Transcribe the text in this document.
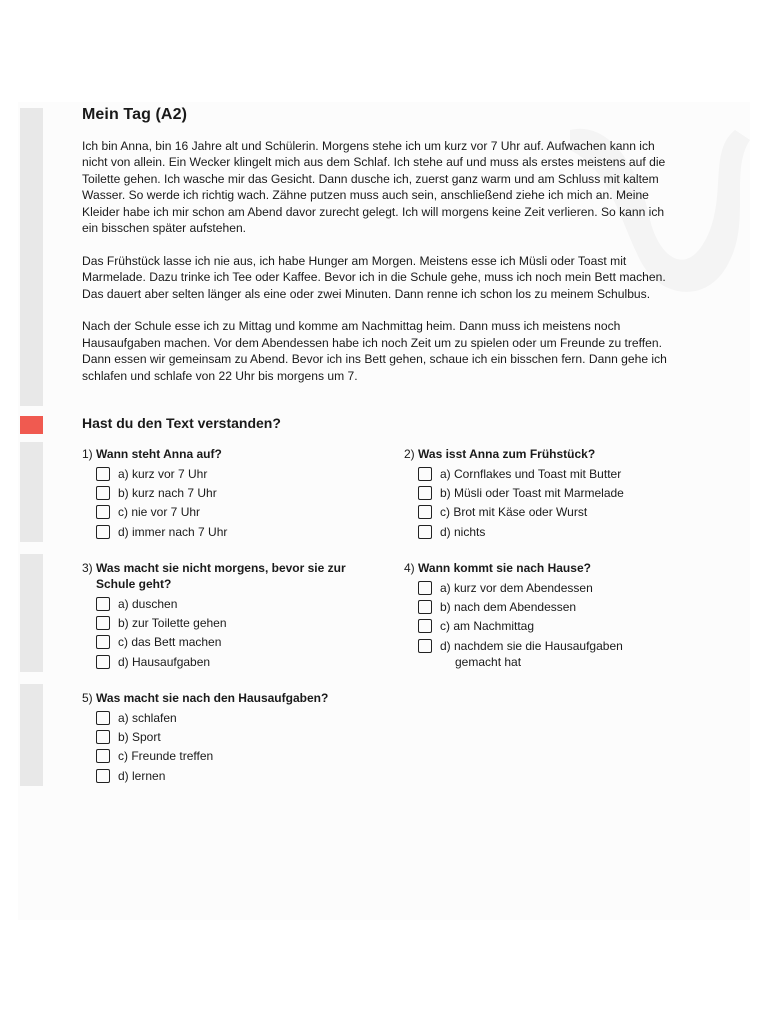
Mein Tag (A2)

Ich bin Anna, bin 16 Jahre alt und Schülerin. Morgens stehe ich um kurz vor 7 Uhr auf. Aufwachen kann ich nicht von allein. Ein Wecker klingelt mich aus dem Schlaf. Ich stehe auf und muss als erstes meistens auf die Toilette gehen. Ich wasche mir das Gesicht. Dann dusche ich, zuerst ganz warm und am Schluss mit kaltem Wasser. So werde ich richtig wach. Zähne putzen muss auch sein, anschließend ziehe ich mich an. Meine Kleider habe ich mir schon am Abend davor zurecht gelegt. Ich will morgens keine Zeit verlieren. So kann ich ein bisschen später aufstehen.

Das Frühstück lasse ich nie aus, ich habe Hunger am Morgen. Meistens esse ich Müsli oder Toast mit Marmelade. Dazu trinke ich Tee oder Kaffee. Bevor ich in die Schule gehe, muss ich noch mein Bett machen. Das dauert aber selten länger als eine oder zwei Minuten. Dann renne ich schon los zu meinem Schulbus.

Nach der Schule esse ich zu Mittag und komme am Nachmittag heim. Dann muss ich meistens noch Hausaufgaben machen. Vor dem Abendessen habe ich noch Zeit um zu spielen oder um Freunde zu treffen. Dann essen wir gemeinsam zu Abend. Bevor ich ins Bett gehen, schaue ich ein bisschen fern. Dann gehe ich schlafen und schlafe von 22 Uhr bis morgens um 7.

Hast du den Text verstanden?
1) Wann steht Anna auf?
a) kurz vor 7 Uhr
b) kurz nach 7 Uhr
c) nie vor 7 Uhr
d) immer nach 7 Uhr
2) Was isst Anna zum Frühstück?
a) Cornflakes und Toast mit Butter
b) Müsli oder Toast mit Marmelade
c) Brot mit Käse oder Wurst
d) nichts
3) Was macht sie nicht morgens, bevor sie zur
Schule geht?
a) duschen
b) zur Toilette gehen
c) das Bett machen
d) Hausaufgaben
4) Wann kommt sie nach Hause?
a) kurz vor dem Abendessen
b) nach dem Abendessen
c) am Nachmittag
d) nachdem sie die Hausaufgaben
gemacht hat
5) Was macht sie nach den Hausaufgaben?
a) schlafen
b) Sport
c) Freunde treffen
d) lernen
